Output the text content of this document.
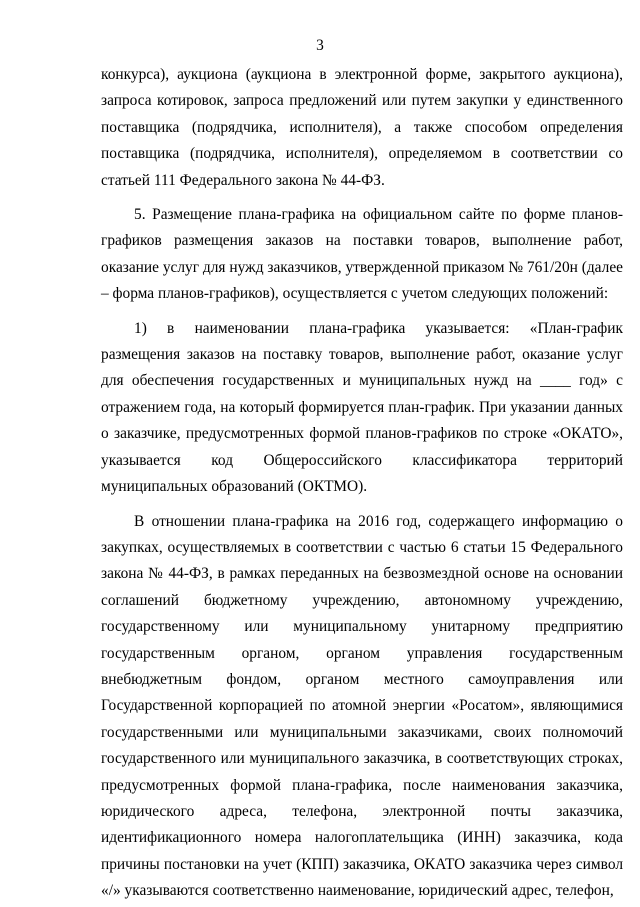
3

конкурса), аукциона (аукциона в электронной форме, закрытого аукциона), запроса котировок, запроса предложений или путем закупки у единственного поставщика (подрядчика, исполнителя), а также способом определения поставщика (подрядчика, исполнителя), определяемом в соответствии со статьей 111 Федерального закона № 44-ФЗ.

5. Размещение плана-графика на официальном сайте по форме планов-графиков размещения заказов на поставки товаров, выполнение работ, оказание услуг для нужд заказчиков, утвержденной приказом № 761/20н (далее – форма планов-графиков), осуществляется с учетом следующих положений:

1) в наименовании плана-графика указывается: «План-график размещения заказов на поставку товаров, выполнение работ, оказание услуг для обеспечения государственных и муниципальных нужд на ____ год» с отражением года, на который формируется план-график. При указании данных о заказчике, предусмотренных формой планов-графиков по строке «ОКАТО», указывается код Общероссийского классификатора территорий муниципальных образований (ОКТМО).

В отношении плана-графика на 2016 год, содержащего информацию о закупках, осуществляемых в соответствии с частью 6 статьи 15 Федерального закона № 44-ФЗ, в рамках переданных на безвозмездной основе на основании соглашений бюджетному учреждению, автономному учреждению, государственному или муниципальному унитарному предприятию государственным органом, органом управления государственным внебюджетным фондом, органом местного самоуправления или Государственной корпорацией по атомной энергии «Росатом», являющимися государственными или муниципальными заказчиками, своих полномочий государственного или муниципального заказчика, в соответствующих строках, предусмотренных формой плана-графика, после наименования заказчика, юридического адреса, телефона, электронной почты заказчика, идентификационного номера налогоплательщика (ИНН) заказчика, кода причины постановки на учет (КПП) заказчика, ОКАТО заказчика через символ «/» указываются соответственно наименование, юридический адрес, телефон,
